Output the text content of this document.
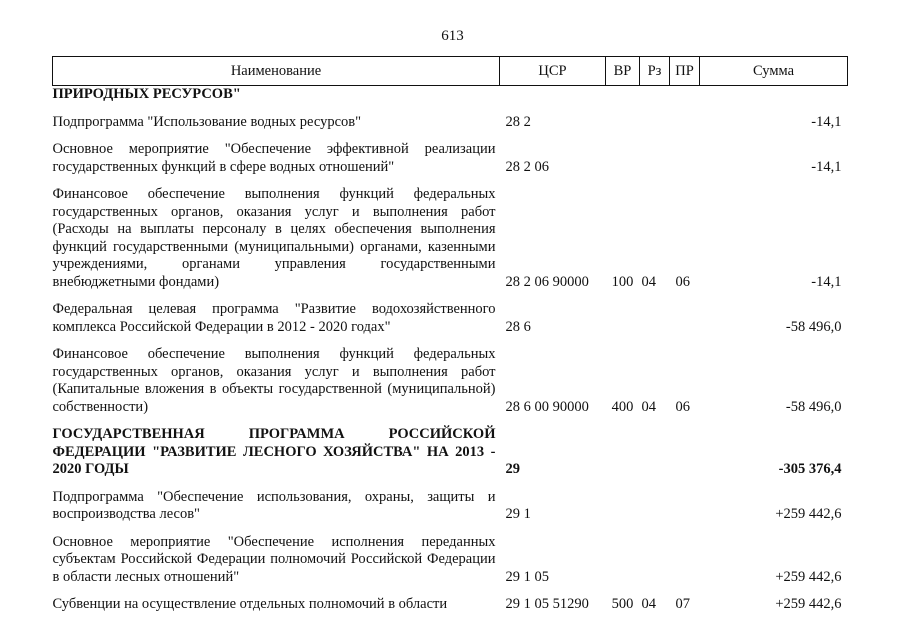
613
Наименование	ЦСР	ВР	Рз	ПР	Сумма
ПРИРОДНЫХ РЕСУРСОВ"					

Подпрограмма "Использование водных ресурсов"	28 2				-14,1

Основное мероприятие "Обеспечение эффективной реализации государственных функций в сфере водных отношений"	28 2 06				-14,1

Финансовое обеспечение выполнения функций федеральных государственных органов, оказания услуг и выполнения работ (Расходы на выплаты персоналу в целях обеспечения выполнения функций государственными (муниципальными) органами, казенными учреждениями, органами управления государственными внебюджетными фондами)	28 2 06 90000	100	04	06	-14,1

Федеральная целевая программа "Развитие водохозяйственного комплекса Российской Федерации в 2012 - 2020 годах"	28 6				-58 496,0

Финансовое обеспечение выполнения функций федеральных государственных органов, оказания услуг и выполнения работ (Капитальные вложения в объекты государственной (муниципальной) собственности)	28 6 00 90000	400	04	06	-58 496,0

ГОСУДАРСТВЕННАЯ ПРОГРАММА РОССИЙСКОЙ ФЕДЕРАЦИИ "РАЗВИТИЕ ЛЕСНОГО ХОЗЯЙСТВА" НА 2013 - 2020 ГОДЫ	29				-305 376,4

Подпрограмма "Обеспечение использования, охраны, защиты и воспроизводства лесов"	29 1				+259 442,6

Основное мероприятие "Обеспечение исполнения переданных субъектам Российской Федерации полномочий Российской Федерации в области лесных отношений"	29 1 05				+259 442,6

Субвенции на осуществление отдельных полномочий в области	29 1 05 51290	500	04	07	+259 442,6
